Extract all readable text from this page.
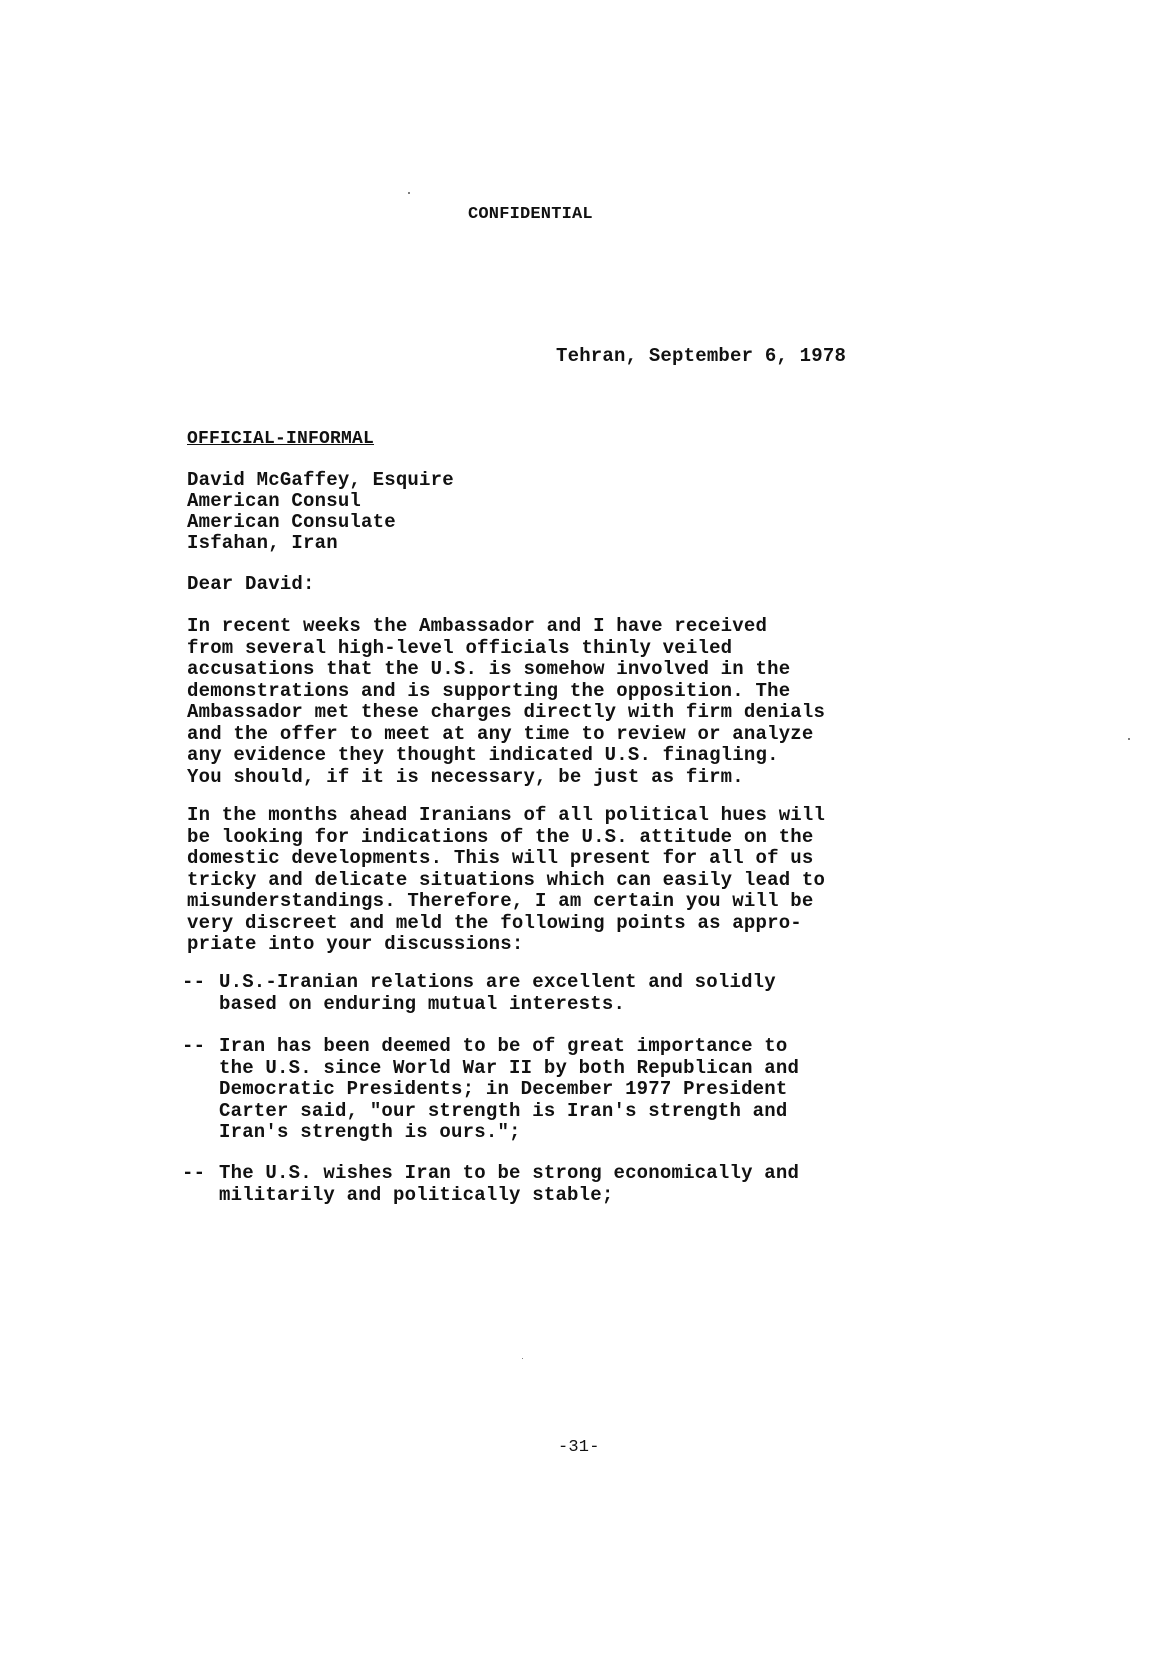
CONFIDENTIAL
Tehran, September 6, 1978
OFFICIAL-INFORMAL
David McGaffey, Esquire
American Consul
American Consulate
Isfahan, Iran
Dear David:

In recent weeks the Ambassador and I have received
from several high-level officials thinly veiled
accusations that the U.S. is somehow involved in the
demonstrations and is supporting the opposition. The
Ambassador met these charges directly with firm denials
and the offer to meet at any time to review or analyze
any evidence they thought indicated U.S. finagling.
You should, if it is necessary, be just as firm.

In the months ahead Iranians of all political hues will
be looking for indications of the U.S. attitude on the
domestic developments. This will present for all of us
tricky and delicate situations which can easily lead to
misunderstandings. Therefore, I am certain you will be
very discreet and meld the following points as appro-
priate into your discussions:

-- U.S.-Iranian relations are excellent and solidly
based on enduring mutual interests.
-- Iran has been deemed to be of great importance to
the U.S. since World War II by both Republican and
Democratic Presidents; in December 1977 President
Carter said, "our strength is Iran's strength and
Iran's strength is ours.";
-- The U.S. wishes Iran to be strong economically and
militarily and politically stable;
-31-
